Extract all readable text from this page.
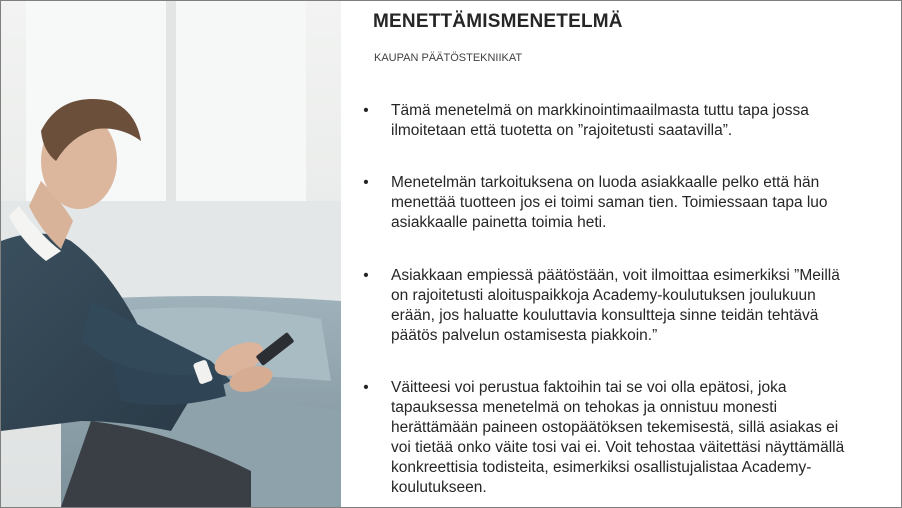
MENETTÄMISMENETELMÄ

KAUPAN PÄÄTÖSTEKNIIKAT

• Tämä menetelmä on markkinointimaailmasta tuttu tapa jossa ilmoitetaan että tuotetta on ”rajoitetusti saatavilla”.
• Menetelmän tarkoituksena on luoda asiakkaalle pelko että hän menettää tuotteen jos ei toimi saman tien. Toimiessaan tapa luo asiakkaalle painetta toimia heti.
• Asiakkaan empiessä päätöstään, voit ilmoittaa esimerkiksi ”Meillä on rajoitetusti aloituspaikkoja Academy-koulutuksen joulukuun erään, jos haluatte kouluttavia konsultteja sinne teidän tehtävä päätös palvelun ostamisesta piakkoin.”
• Väitteesi voi perustua faktoihin tai se voi olla epätosi, joka tapauksessa menetelmä on tehokas ja onnistuu monesti herättämään paineen ostopäätöksen tekemisestä, sillä asiakas ei voi tietää onko väite tosi vai ei. Voit tehostaa väitettäsi näyttämällä konkreettisia todisteita, esimerkiksi osallistujalistaa Academy-koulutukseen.
